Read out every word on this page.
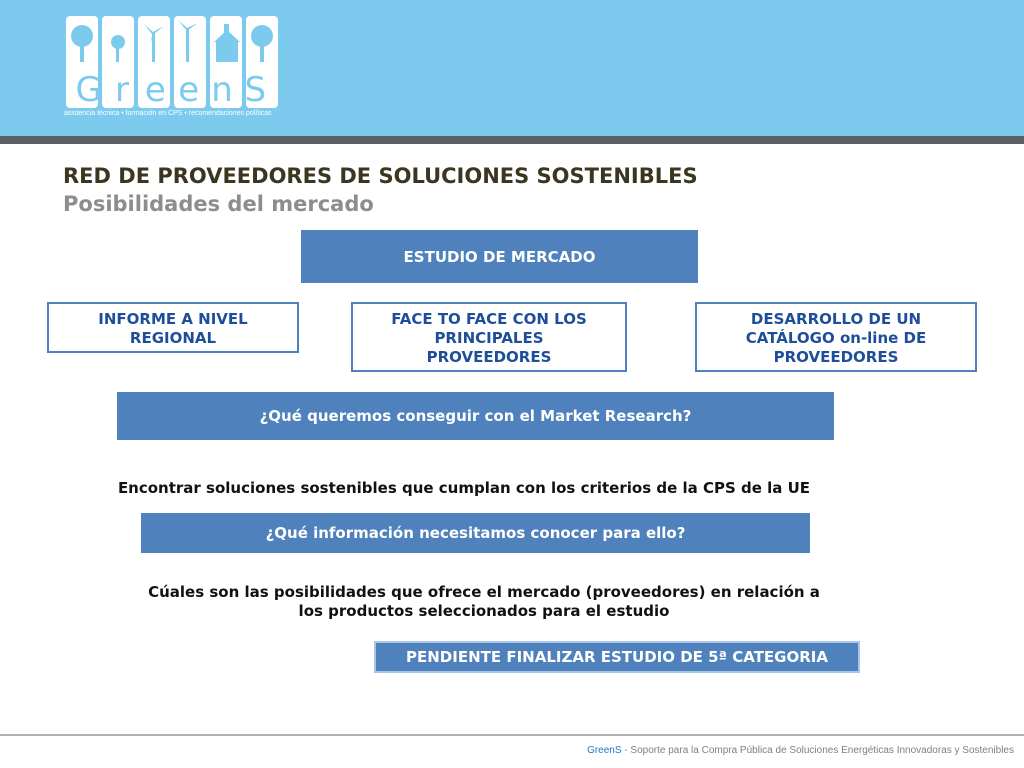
G r e e n S
asistencia técnica • formación en CPS • recomendaciones políticas
RED DE PROVEEDORES DE SOLUCIONES SOSTENIBLES
Posibilidades del mercado
ESTUDIO DE MERCADO
INFORME A NIVEL
REGIONAL
FACE TO FACE CON LOS
PRINCIPALES
PROVEEDORES
DESARROLLO DE UN
CATÁLOGO on-line DE
PROVEEDORES
¿Qué queremos conseguir con el Market Research?
Encontrar soluciones sostenibles que cumplan con los criterios de la CPS de la UE
¿Qué información necesitamos conocer para ello?
Cúales son las posibilidades que ofrece el mercado (proveedores) en relación a
los productos seleccionados para el estudio
PENDIENTE FINALIZAR ESTUDIO DE 5ª CATEGORIA
GreenS - Soporte para la Compra Pública de Soluciones Energéticas Innovadoras y Sostenibles
